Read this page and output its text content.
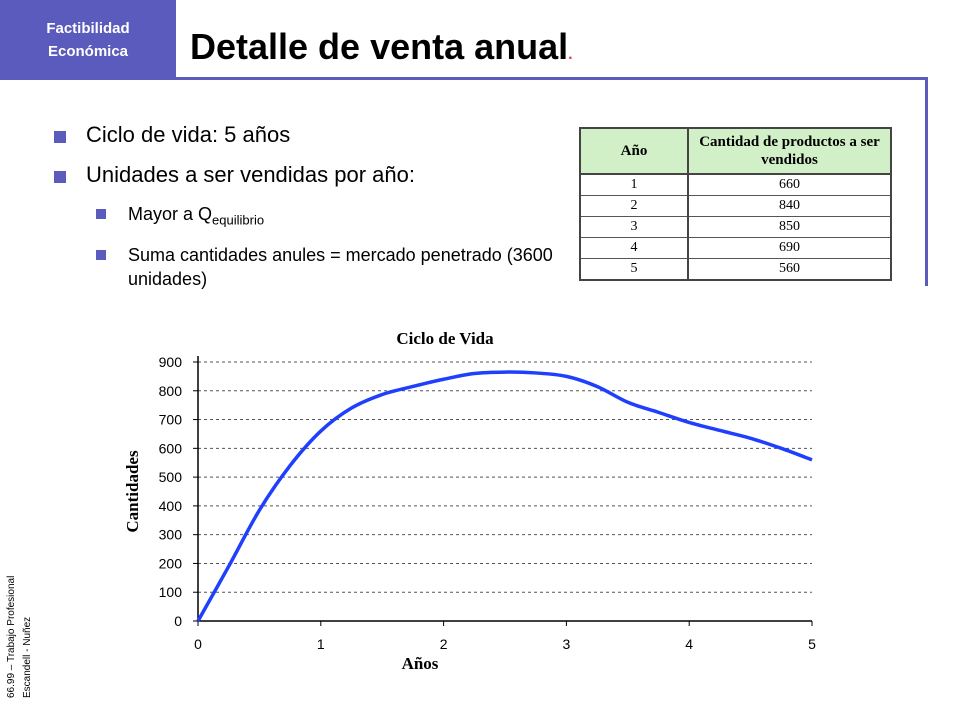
Factibilidad
Económica	Detalle de venta anual.
Ciclo de vida: 5 años
Unidades a ser vendidas por año:
Mayor a $Q_{equilibrio}$
Suma cantidades anules = mercado penetrado (3600 unidades)
Año	Cantidad de productos a ser vendidos
1	660
2	840
3	850
4	690
5	560
66.99 – Trabajo Profesional Escandell - Nuñez	0
100
200
300
400
500
600
700
800
900
0	1	2	3	4	5
Ciclo de Vida
Años
Cantidades
